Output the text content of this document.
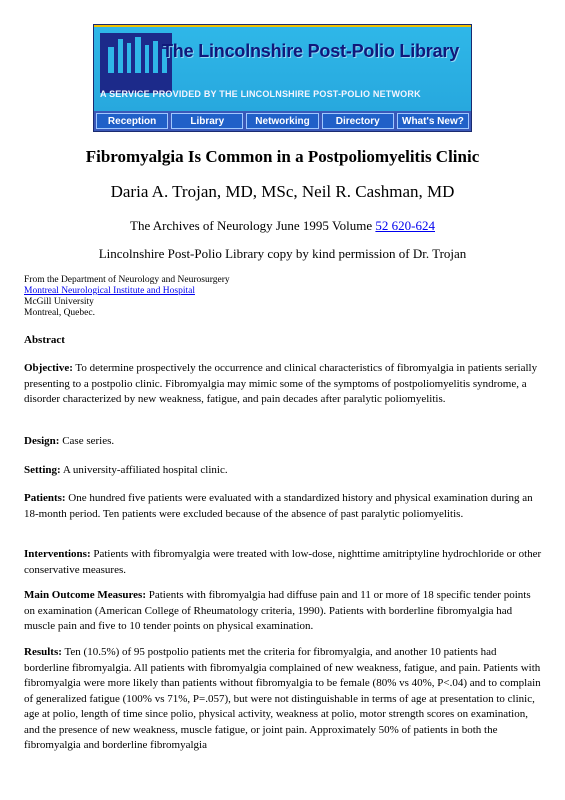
The Lincolnshire Post-Polio Library
A SERVICE PROVIDED BY THE LINCOLNSHIRE POST-POLIO NETWORK
Reception	Library	Networking	Directory	What's New?
Fibromyalgia Is Common in a Postpoliomyelitis Clinic
Daria A. Trojan, MD, MSc, Neil R. Cashman, MD
The Archives of Neurology June 1995 Volume 52 620-624
Lincolnshire Post-Polio Library copy by kind permission of Dr. Trojan
From the Department of Neurology and Neurosurgery
Montreal Neurological Institute and Hospital
McGill University
Montreal, Quebec.
Abstract

Objective: To determine prospectively the occurrence and clinical characteristics of fibromyalgia in patients serially presenting to a postpolio clinic. Fibromyalgia may mimic some of the symptoms of postpoliomyelitis syndrome, a disorder characterized by new weakness, fatigue, and pain decades after paralytic poliomyelitis.

Design: Case series.

Setting: A university-affiliated hospital clinic.

Patients: One hundred five patients were evaluated with a standardized history and physical examination during an 18-month period. Ten patients were excluded because of the absence of past paralytic poliomyelitis.

Interventions: Patients with fibromyalgia were treated with low-dose, nighttime amitriptyline hydrochloride or other conservative measures.

Main Outcome Measures: Patients with fibromyalgia had diffuse pain and 11 or more of 18 specific tender points on examination (American College of Rheumatology criteria, 1990). Patients with borderline fibromyalgia had muscle pain and five to 10 tender points on physical examination.

Results: Ten (10.5%) of 95 postpolio patients met the criteria for fibromyalgia, and another 10 patients had borderline fibromyalgia. All patients with fibromyalgia complained of new weakness, fatigue, and pain. Patients with fibromyalgia were more likely than patients without fibromyalgia to be female (80% vs 40%, P<.04) and to complain of generalized fatigue (100% vs 71%, P=.057), but were not distinguishable in terms of age at presentation to clinic, age at polio, length of time since polio, physical activity, weakness at polio, motor strength scores on examination, and the presence of new weakness, muscle fatigue, or joint pain. Approximately 50% of patients in both the fibromyalgia and borderline fibromyalgia
